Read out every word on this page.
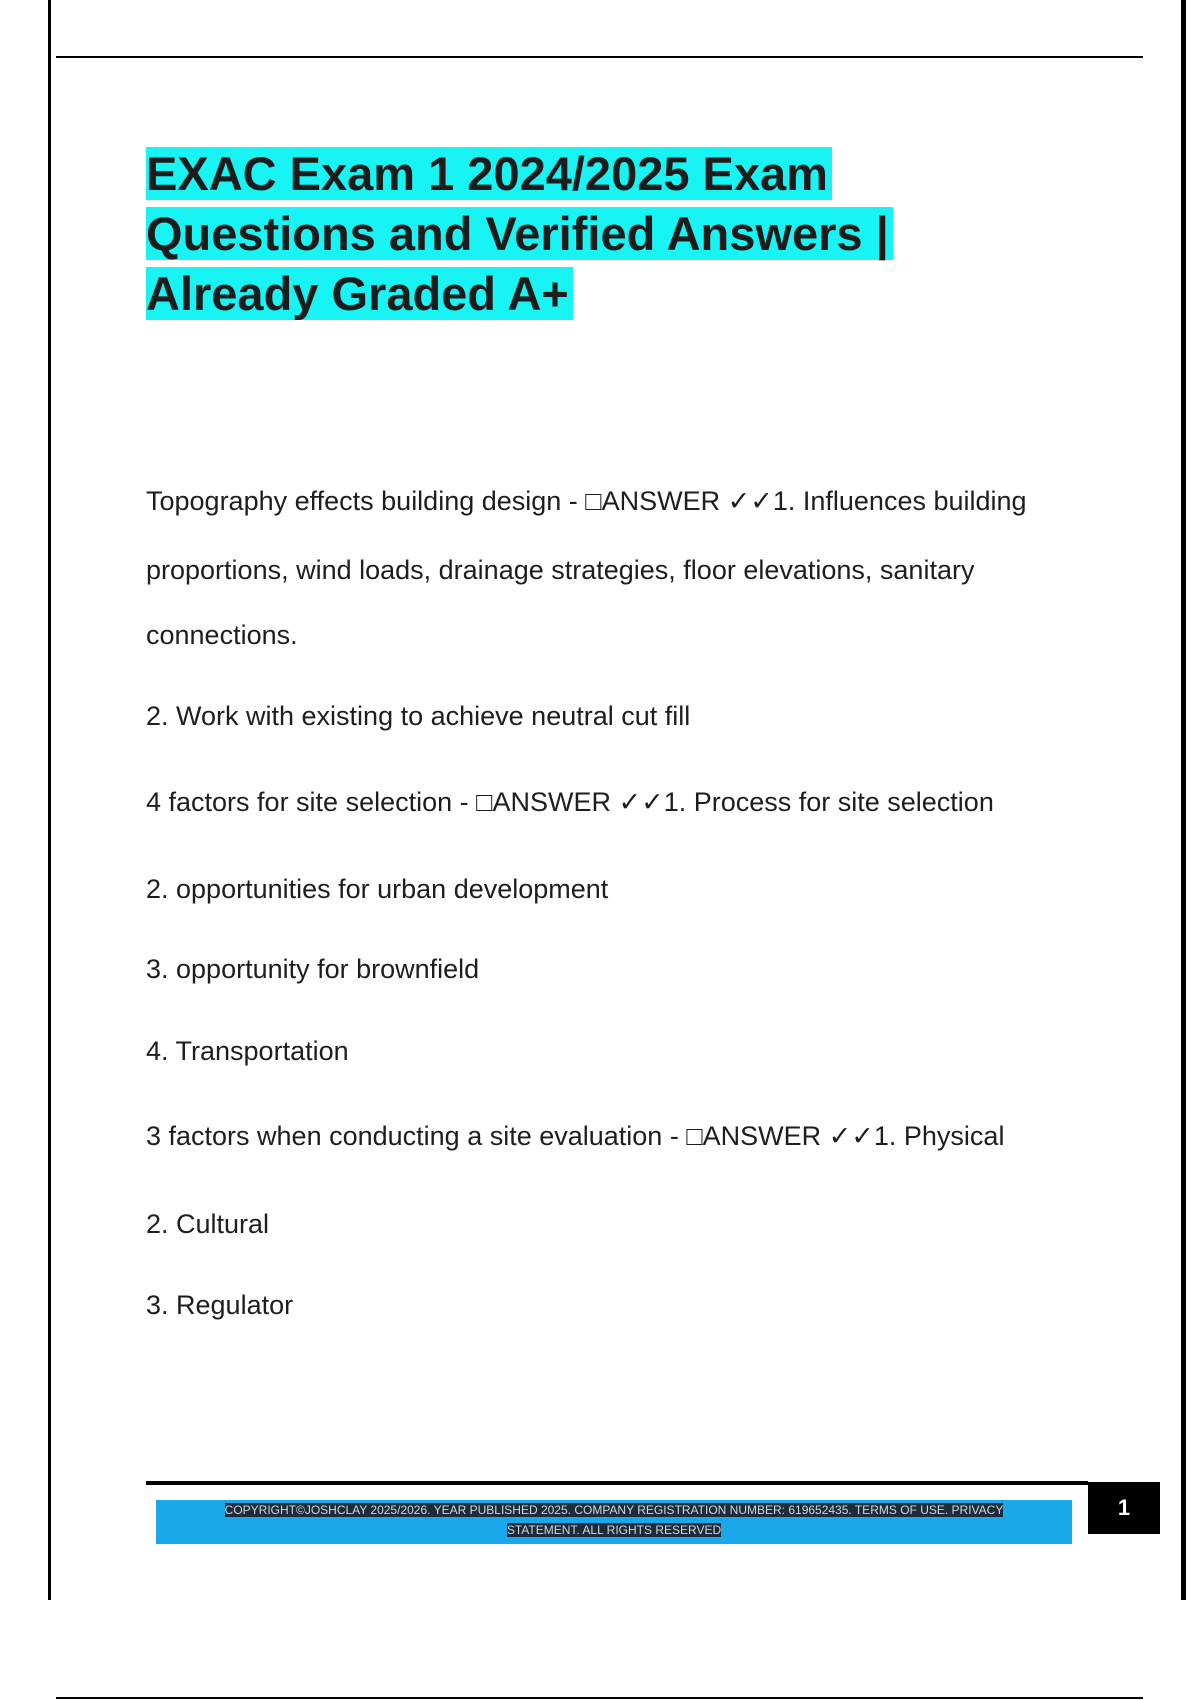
EXAC Exam 1 2024/2025 Exam
Questions and Verified Answers |
Already Graded A+

Topography effects building design - □ANSWER ✓✓1. Influences building

proportions, wind loads, drainage strategies, floor elevations, sanitary

connections.

2. Work with existing to achieve neutral cut fill

4 factors for site selection - □ANSWER ✓✓1. Process for site selection

2. opportunities for urban development

3. opportunity for brownfield

4. Transportation

3 factors when conducting a site evaluation - □ANSWER ✓✓1. Physical

2. Cultural

3. Regulator

COPYRIGHT©JOSHCLAY 2025/2026. YEAR PUBLISHED 2025. COMPANY REGISTRATION NUMBER: 619652435. TERMS OF USE. PRIVACY
STATEMENT. ALL RIGHTS RESERVED
1
